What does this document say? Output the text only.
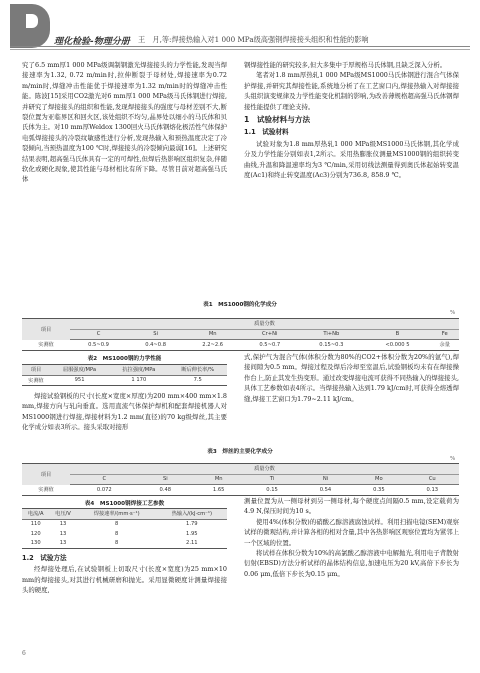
理化检验-物理分册 王　月,等:焊接热输入对1 000 MPa级高强钢焊接接头组织和性能的影响

究了6.5 mm厚1 000 MPa级调制钢激光焊接接头的力学性能,发现当焊接速率为1.32, 0.72 m/min时,拉伸断裂于母材处,焊接速率为0.72 m/min时,焊缝冲击性能优于焊接速率为1.32 m/min时的焊缝冲击性能。陈波[15]采用CO2激光对6 mm厚1 000 MPa级马氏体钢进行焊接,并研究了焊接接头的组织和性能,发现焊接接头的强度与母材差别不大,断裂位置为亚临界区和回火区,该处组织不均匀,晶界处以细小的马氏体和贝氏体为主。对10 mm厚Weldox 1300回火马氏体钢熔化极活性气体保护电弧焊接接头的冷裂纹敏感性进行分析,发现热输入和预热温度决定了冷裂倾向,当预热温度为100 ℃时,焊接接头的冷裂倾向最弱[16]。上述研究结果表明,超高强马氏体具有一定的可焊性,但焊后热影响区组织复杂,伴随软化或硬化现象,使其性能与母材相比有所下降。尽管目前对超高强马氏体

钢焊接性能的研究较多,但大多集中于厚规格马氏体钢,且缺乏深入分析。

笔者对1.8 mm厚热轧1 000 MPa级MS1000马氏体钢进行混合气体保护焊接,并研究其焊接性能,系统地分析了在工艺窗口内,焊接热输入对焊接接头组织演变规律及力学性能变化机制的影响,为改善薄规格超高强马氏体钢焊接性能提供了理论支持。

1　试验材料与方法
1.1　试验材料

试验对象为1.8 mm厚热轧1 000 MPa级MS1000马氏体钢,其化学成分及力学性能分别如表1,2所示。采用热膨胀仪测量MS1000钢的组织转变曲线,升温和降温速率均为3 ℃/min,采用切线法测量得到奥氏体起始转变温度(Ac1)和终止转变温度(Ac3)分别为736.8, 858.9 ℃。

表1　MS1000钢的化学成分
%
项目	质量分数						
	C	Si	Mn	Cr+Ni	Ti+Nb	B	Fe
实测值	0.5~0.9	0.4~0.8	2.2~2.6	0.5~0.7	0.15~0.3	<0.000 5	余量
表2　MS1000钢的力学性能
项目	屈服强度/MPa	抗拉强度/MPa	断后伸长率/%
实测值	951	1 170	7.5

焊接试验钢板的尺寸(长度×宽度×厚度)为200 mm×400 mm×1.8 mm,焊接方向与轧向垂直。选用直流气体保护焊机和配套焊接机器人对MS1000钢进行焊接,焊接材料为1.2 mm(直径)的70 kg级焊丝,其主要化学成分如表3所示。接头采取对接形

式,保护气为混合气体(体积分数为80%的CO2+体积分数为20%的氩气),焊接间隙为0.5 mm。焊接过程及焊后冷却至室温后,试验钢板均未有在焊接操作台上,防止其发生热变形。通过改变焊接电流可获得不同热输入的焊接接头,具体工艺参数如表4所示。当焊接热输入达到1.79 kJ/cm时,可获得全熔透焊缝,焊接工艺窗口为1.79~2.11 kJ/cm。

表3　焊丝的主要化学成分
%
项目	质量分数						
	C	Si	Mn	Ti	Ni	Mo	Cu
实测值	0.072	0.48	1.65	0.15	0.54	0.35	0.13
表4　MS1000钢焊接工艺参数
电流/A	电压/V	焊接速率/(mm·s⁻¹)	热输入/(kJ·cm⁻¹)
110	13	8	1.79
120	13	8	1.95
130	13	8	2.11
1.2　试验方法

经焊接处理后,在试验钢板上切取尺寸(长度×宽度)为25 mm×10 mm的焊接接头,对其进行机械研磨和抛光。采用显微硬度计测量焊接接头的硬度,

测量位置为从一侧母材到另一侧母材,每个硬度点间隔0.5 mm,设定载荷为4.9 N,保压时间为10 s。

使用4%(体积分数)的硝酸乙醇溶液腐蚀试样。利用扫描电镜(SEM)观察试样的微观结构,并计算各相的相对含量,其中各热影响区观察位置均为紧邻上一个区域的位置。

将试样在体积分数为10%的高氯酸乙醇溶液中电解抛光,利用电子背散射衍射(EBSD)方法分析试样的晶体结构信息,加速电压为20 kV,高倍下步长为0.06 μm,低倍下步长为0.15 μm。

6
